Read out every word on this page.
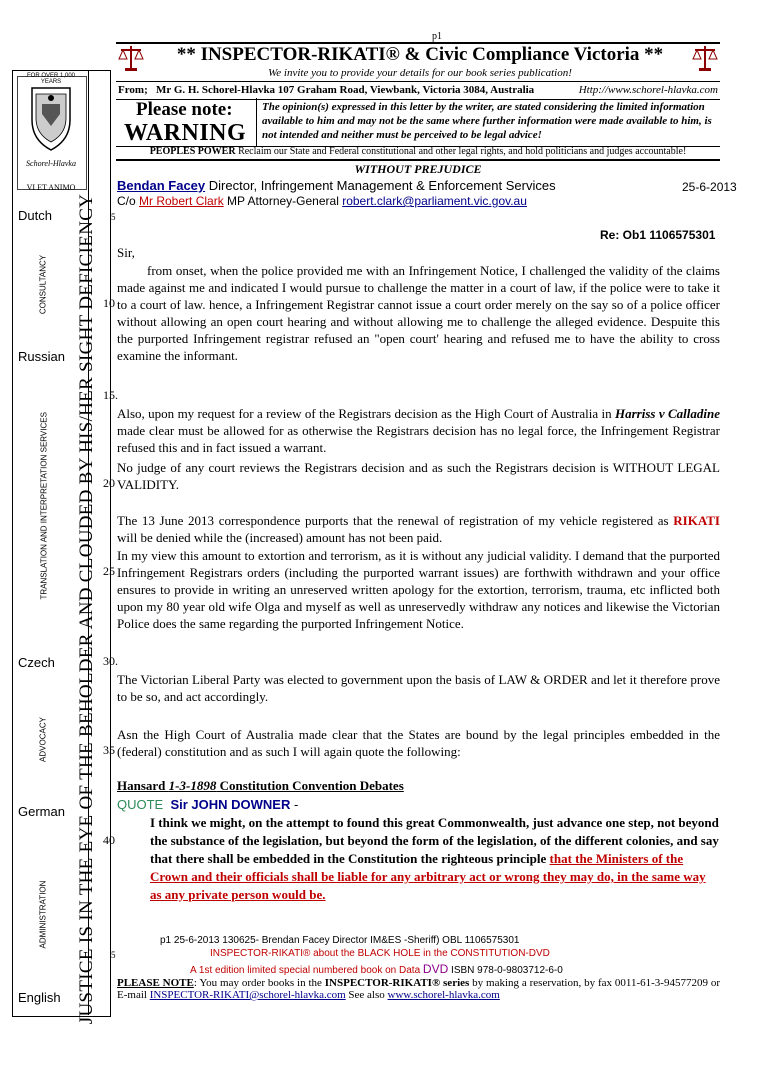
p1
FOR OVER 1,000 YEARS
Schorel-Hlavka
VI ET ANIMO
Dutch
Russian
Czech
German
English
CONSULTANCY
TRANSLATION AND INTERPRETATION SERVICES
ADVOCACY
ADMINISTRATION JUSTICE IS IN THE EYE OF THE BEHOLDER AND CLOUDED BY HIS/HER SIGHT DEFICIENCY
** INSPECTOR-RIKATI® & Civic Compliance Victoria **
We invite you to provide your details for our book series publication!
From; Mr G. H. Schorel-Hlavka 107 Graham Road, Viewbank, Victoria 3084, Australia	Http://www.schorel-hlavka.com
Please note:
WARNING
The opinion(s) expressed in this letter by the writer, are stated considering the limited information available to him and may not be the same where further information were made available to him, is not intended and neither must be perceived to be legal advice!
PEOPLES POWER Reclaim our State and Federal constitutional and other legal rights, and hold politicians and judges accountable!
WITHOUT PREJUDICE
Bendan Facey Director, Infringement Management & Enforcement Services	25-6-2013
C/o Mr Robert Clark MP Attorney-General robert.clark@parliament.vic.gov.au
5
Re: Ob1 1106575301
Sir,
from onset, when the police provided me with an Infringement Notice, I challenged the validity of the claims made against me and indicated I would pursue to challenge the matter in a court of law, if the police were to take it to a court of law. hence, a Infringement Registrar cannot issue a court order merely on the say so of a police officer without allowing an open court hearing and without allowing me to challenge the alleged evidence. Despuite this the purported Infringement registrar refused an "open court' hearing and refused me to have the ability to cross examine the informant.
10
15.
Also, upon my request for a review of the Registrars decision as the High Court of Australia in Harriss v Calladine made clear must be allowed for as otherwise the Registrars decision has no legal force, the Infringement Registrar refused this and in fact issued a warrant.
No judge of any court reviews the Registrars decision and as such the Registrars decision is WITHOUT LEGAL VALIDITY.
20
The 13 June 2013 correspondence purports that the renewal of registration of my vehicle registered as RIKATI will be denied while the (increased) amount has not been paid.
In my view this amount to extortion and terrorism, as it is without any judicial validity. I demand that the purported Infringement Registrars orders (including the purported warrant issues) are forthwith withdrawn and your office ensures to provide in writing an unreserved written apology for the extortion, terrorism, trauma, etc inflicted both upon my 80 year old wife Olga and myself as well as unreservedly withdraw any notices and likewise the Victorian Police does the same regarding the purported Infringement Notice.
25
30.
The Victorian Liberal Party was elected to government upon the basis of LAW & ORDER and let it therefore prove to be so, and act accordingly.
Asn the High Court of Australia made clear that the States are bound by the legal principles embedded in the (federal) constitution and as such I will again quote the following:
35
Hansard 1-3-1898 Constitution Convention Debates
QUOTE Sir JOHN DOWNER -
40
I think we might, on the attempt to found this great Commonwealth, just advance one step, not beyond the substance of the legislation, but beyond the form of the legislation, of the different colonies, and say that there shall be embedded in the Constitution the righteous principle that the Ministers of the Crown and their officials shall be liable for any arbitrary act or wrong they may do, in the same way as any private person would be.
p1 25-6-2013 130625- Brendan Facey Director IM&ES -Sheriff) OBL 1106575301
5	INSPECTOR-RIKATI® about the BLACK HOLE in the CONSTITUTION-DVD
A 1st edition limited special numbered book on Data DVD ISBN 978-0-9803712-6-0
PLEASE NOTE: You may order books in the INSPECTOR-RIKATI® series by making a reservation, by fax 0011-61-3-94577209 or E-mail INSPECTOR-RIKATI@schorel-hlavka.com See also www.schorel-hlavka.com
